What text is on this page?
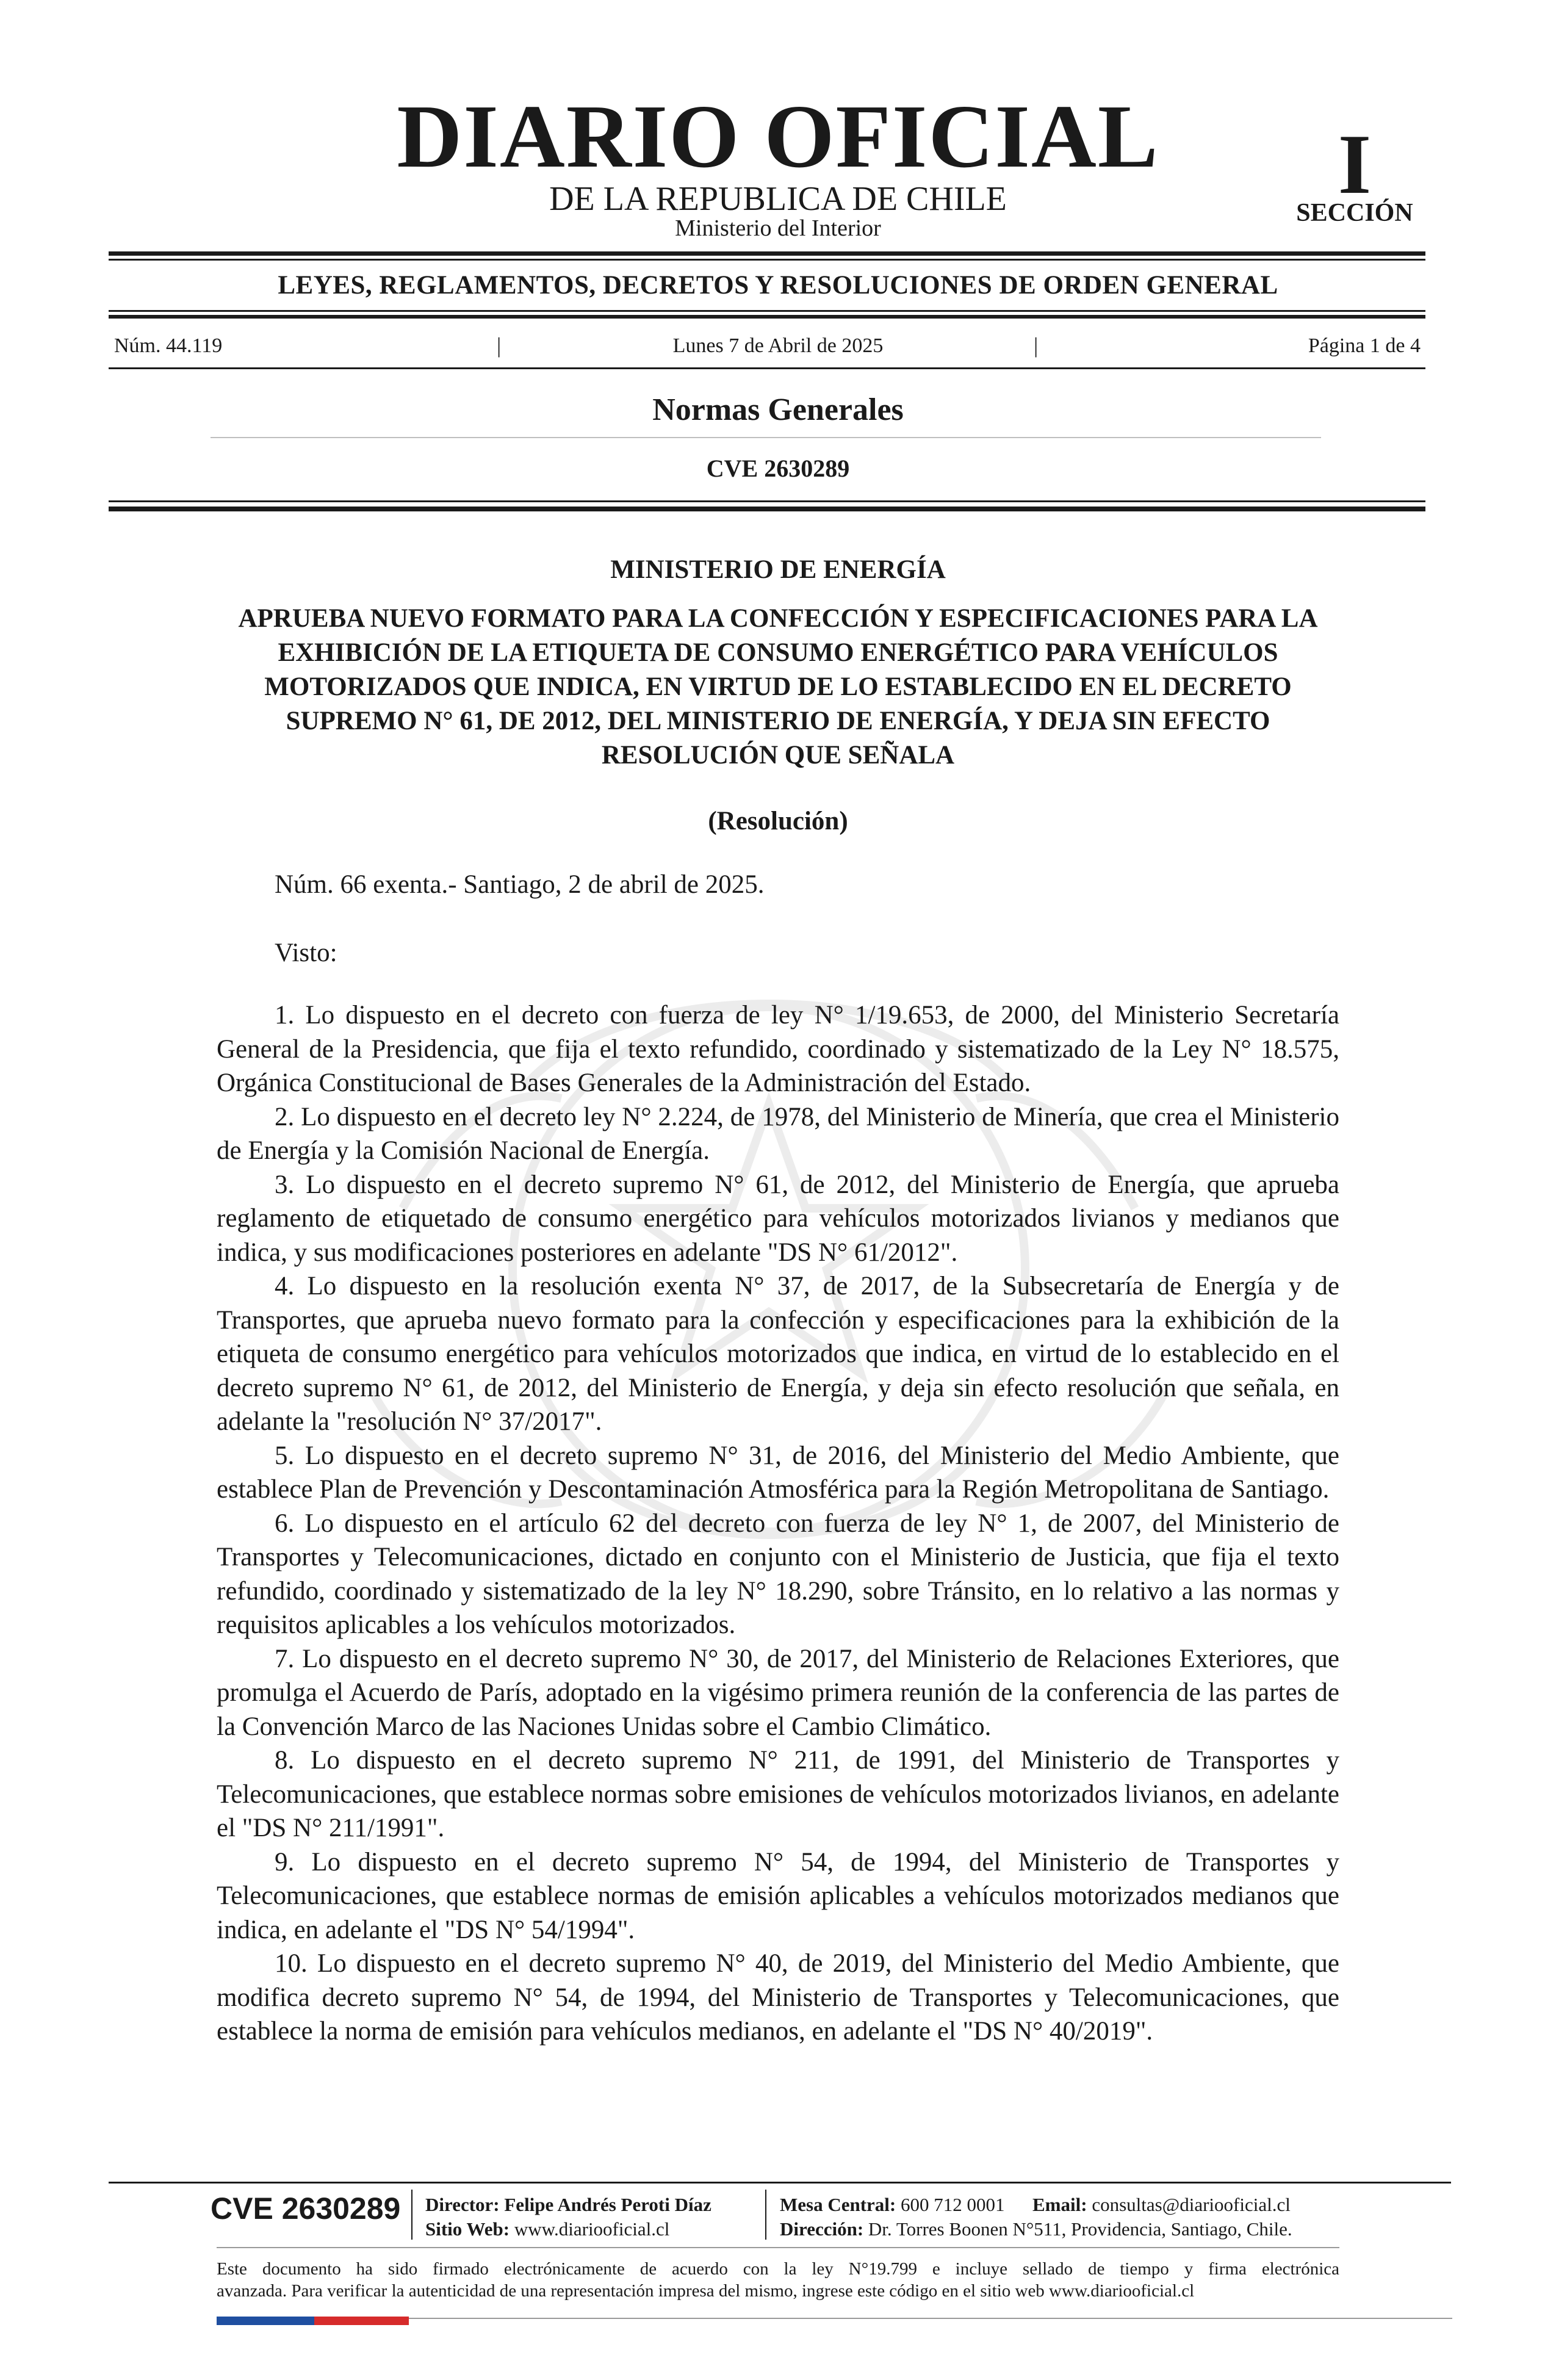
DIARIO OFICIAL
DE LA REPUBLICA DE CHILE
Ministerio del Interior
I
SECCIÓN
LEYES, REGLAMENTOS, DECRETOS Y RESOLUCIONES DE ORDEN GENERAL
Núm. 44.119	|	Lunes 7 de Abril de 2025	|	Página 1 de 4
Normas Generales
CVE 2630289
MINISTERIO DE ENERGÍA
APRUEBA NUEVO FORMATO PARA LA CONFECCIÓN Y ESPECIFICACIONES PARA LA EXHIBICIÓN DE LA ETIQUETA DE CONSUMO ENERGÉTICO PARA VEHÍCULOS MOTORIZADOS QUE INDICA, EN VIRTUD DE LO ESTABLECIDO EN EL DECRETO SUPREMO N° 61, DE 2012, DEL MINISTERIO DE ENERGÍA, Y DEJA SIN EFECTO RESOLUCIÓN QUE SEÑALA
(Resolución)
Núm. 66 exenta.- Santiago, 2 de abril de 2025.
Visto:

1. Lo dispuesto en el decreto con fuerza de ley N° 1/19.653, de 2000, del Ministerio Secretaría General de la Presidencia, que fija el texto refundido, coordinado y sistematizado de la Ley N° 18.575, Orgánica Constitucional de Bases Generales de la Administración del Estado.

2. Lo dispuesto en el decreto ley N° 2.224, de 1978, del Ministerio de Minería, que crea el Ministerio de Energía y la Comisión Nacional de Energía.

3. Lo dispuesto en el decreto supremo N° 61, de 2012, del Ministerio de Energía, que aprueba reglamento de etiquetado de consumo energético para vehículos motorizados livianos y medianos que indica, y sus modificaciones posteriores en adelante "DS N° 61/2012".

4. Lo dispuesto en la resolución exenta N° 37, de 2017, de la Subsecretaría de Energía y de Transportes, que aprueba nuevo formato para la confección y especificaciones para la exhibición de la etiqueta de consumo energético para vehículos motorizados que indica, en virtud de lo establecido en el decreto supremo N° 61, de 2012, del Ministerio de Energía, y deja sin efecto resolución que señala, en adelante la "resolución N° 37/2017".

5. Lo dispuesto en el decreto supremo N° 31, de 2016, del Ministerio del Medio Ambiente, que establece Plan de Prevención y Descontaminación Atmosférica para la Región Metropolitana de Santiago.

6. Lo dispuesto en el artículo 62 del decreto con fuerza de ley N° 1, de 2007, del Ministerio de Transportes y Telecomunicaciones, dictado en conjunto con el Ministerio de Justicia, que fija el texto refundido, coordinado y sistematizado de la ley N° 18.290, sobre Tránsito, en lo relativo a las normas y requisitos aplicables a los vehículos motorizados.

7. Lo dispuesto en el decreto supremo N° 30, de 2017, del Ministerio de Relaciones Exteriores, que promulga el Acuerdo de París, adoptado en la vigésimo primera reunión de la conferencia de las partes de la Convención Marco de las Naciones Unidas sobre el Cambio Climático.

8. Lo dispuesto en el decreto supremo N° 211, de 1991, del Ministerio de Transportes y Telecomunicaciones, que establece normas sobre emisiones de vehículos motorizados livianos, en adelante el "DS N° 211/1991".

9. Lo dispuesto en el decreto supremo N° 54, de 1994, del Ministerio de Transportes y Telecomunicaciones, que establece normas de emisión aplicables a vehículos motorizados medianos que indica, en adelante el "DS N° 54/1994".

10. Lo dispuesto en el decreto supremo N° 40, de 2019, del Ministerio del Medio Ambiente, que modifica decreto supremo N° 54, de 1994, del Ministerio de Transportes y Telecomunicaciones, que establece la norma de emisión para vehículos medianos, en adelante el "DS N° 40/2019".

CVE 2630289 Director: Felipe Andrés Peroti Díaz
Sitio Web: www.diariooficial.cl
Mesa Central: 600 712 0001 Email: consultas@diariooficial.cl
Dirección: Dr. Torres Boonen N°511, Providencia, Santiago, Chile.
Este documento ha sido firmado electrónicamente de acuerdo con la ley N°19.799 e incluye sellado de tiempo y firma electrónica
avanzada. Para verificar la autenticidad de una representación impresa del mismo, ingrese este código en el sitio web www.diariooficial.cl
